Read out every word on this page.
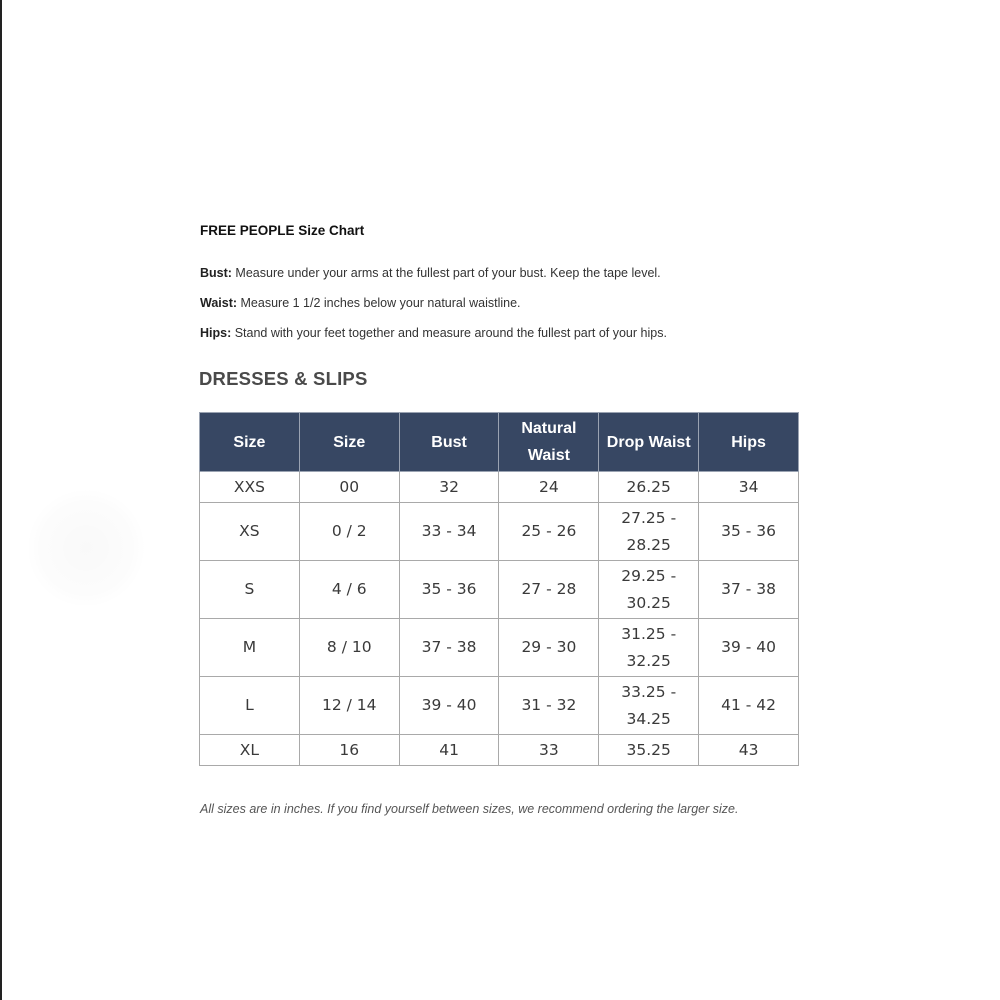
FREE PEOPLE Size Chart
Bust: Measure under your arms at the fullest part of your bust. Keep the tape level.
Waist: Measure 1 1/2 inches below your natural waistline.
Hips: Stand with your feet together and measure around the fullest part of your hips.
DRESSES & SLIPS
Size	Size	Bust	Natural Waist	Drop Waist	Hips
XXS	00	32	24	26.25	34
XS	0 / 2	33 - 34	25 - 26	27.25 - 28.25	35 - 36
S	4 / 6	35 - 36	27 - 28	29.25 - 30.25	37 - 38
M	8 / 10	37 - 38	29 - 30	31.25 - 32.25	39 - 40
L	12 / 14	39 - 40	31 - 32	33.25 - 34.25	41 - 42
XL	16	41	33	35.25	43
All sizes are in inches. If you find yourself between sizes, we recommend ordering the larger size.
